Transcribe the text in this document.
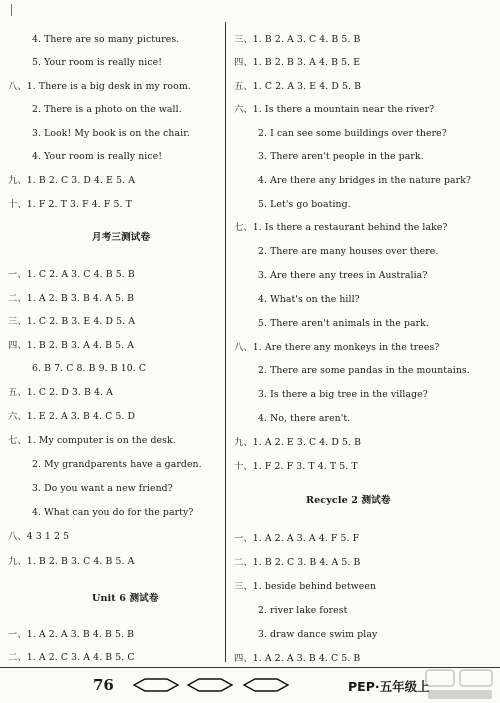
4. There are so many pictures.
5. Your room is really nice!
八、1. There is a big desk in my room.
2. There is a photo on the wall.
3. Look! My book is on the chair.
4. Your room is really nice!
九、1. B 2. C 3. D 4. E 5. A
十、1. F 2. T 3. F 4. F 5. T
月考三测试卷
一、1. C 2. A 3. C 4. B 5. B
二、1. A 2. B 3. B 4. A 5. B
三、1. C 2. B 3. E 4. D 5. A
四、1. B 2. B 3. A 4. B 5. A
6. B 7. C 8. B 9. B 10. C
五、1. C 2. D 3. B 4. A
六、1. E 2. A 3. B 4. C 5. D
七、1. My computer is on the desk.
2. My grandparents have a garden.
3. Do you want a new friend?
4. What can you do for the party?
八、4 3 1 2 5
九、1. B 2. B 3. C 4. B 5. A
Unit 6 测试卷
一、1. A 2. A 3. B 4. B 5. B
二、1. A 2. C 3. A 4. B 5. C
三、1. B 2. A 3. C 4. B 5. B
四、1. B 2. B 3. A 4. B 5. E
五、1. C 2. A 3. E 4. D 5. B
六、1. Is there a mountain near the river?
2. I can see some buildings over there?
3. There aren't people in the park.
4. Are there any bridges in the nature park?
5. Let's go boating.
七、1. Is there a restaurant behind the lake?
2. There are many houses over there.
3. Are there any trees in Australia?
4. What's on the hill?
5. There aren't animals in the park.
八、1. Are there any monkeys in the trees?
2. There are some pandas in the mountains.
3. Is there a big tree in the village?
4. No, there aren't.
九、1. A 2. E 3. C 4. D 5. B
十、1. F 2. F 3. T 4. T 5. T
Recycle 2 测试卷
一、1. A 2. A 3. A 4. F 5. F
二、1. B 2. C 3. B 4. A 5. B
三、1. beside behind between
2. river lake forest
3. draw dance swim play
四、1. A 2. A 3. B 4. C 5. B
76	PEP·五年级上
